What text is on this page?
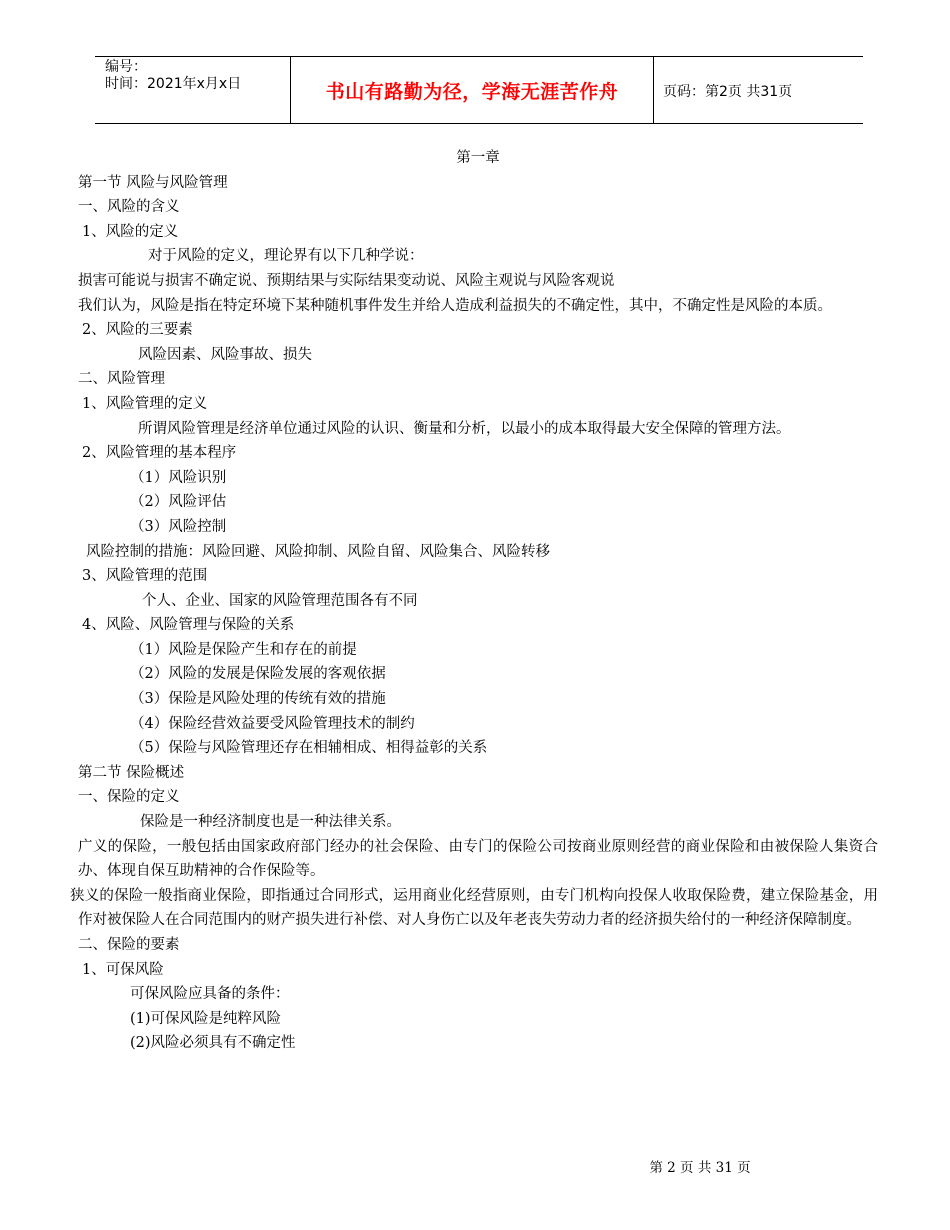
编号：
时间：2021年x月x日	书山有路勤为径，学海无涯苦作舟	页码：第2页 共31页
第一章
第一节 风险与风险管理
一、风险的含义
1、风险的定义
对于风险的定义，理论界有以下几种学说：
损害可能说与损害不确定说、预期结果与实际结果变动说、风险主观说与风险客观说
我们认为，风险是指在特定环境下某种随机事件发生并给人造成利益损失的不确定性，其中，不确定性是风险的本质。
2、风险的三要素
风险因素、风险事故、损失
二、风险管理
1、风险管理的定义
所谓风险管理是经济单位通过风险的认识、衡量和分析，以最小的成本取得最大安全保障的管理方法。
2、风险管理的基本程序
（1）风险识别
（2）风险评估
（3）风险控制
风险控制的措施：风险回避、风险抑制、风险自留、风险集合、风险转移
3、风险管理的范围
个人、企业、国家的风险管理范围各有不同
4、风险、风险管理与保险的关系
（1）风险是保险产生和存在的前提
（2）风险的发展是保险发展的客观依据
（3）保险是风险处理的传统有效的措施
（4）保险经营效益要受风险管理技术的制约
（5）保险与风险管理还存在相辅相成、相得益彰的关系
第二节 保险概述
一、保险的定义
保险是一种经济制度也是一种法律关系。
广义的保险，一般包括由国家政府部门经办的社会保险、由专门的保险公司按商业原则经营的商业保险和由被保险人集资合办、体现自保互助精神的合作保险等。
狭义的保险一般指商业保险，即指通过合同形式，运用商业化经营原则，由专门机构向投保人收取保险费，建立保险基金，用作对被保险人在合同范围内的财产损失进行补偿、对人身伤亡以及年老丧失劳动力者的经济损失给付的一种经济保障制度。
二、保险的要素
1、可保风险
可保风险应具备的条件：
(1)可保风险是纯粹风险
(2)风险必须具有不确定性
第 2 页 共 31 页
